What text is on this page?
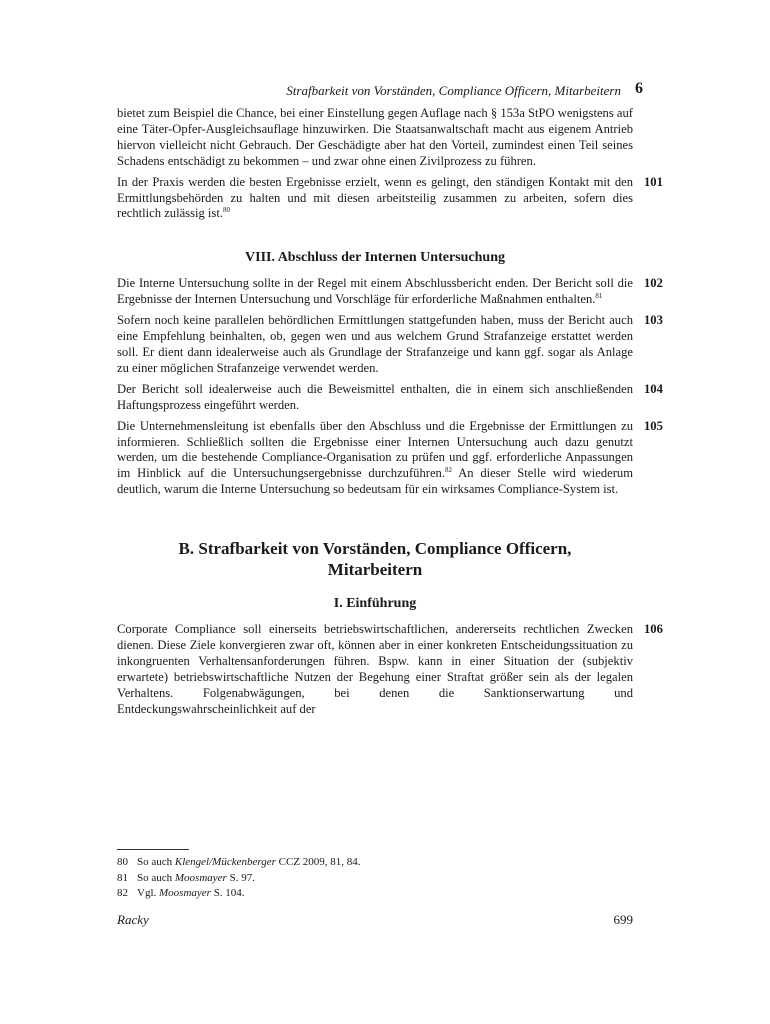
Strafbarkeit von Vorständen, Compliance Officern, Mitarbeitern 6

bietet zum Beispiel die Chance, bei einer Einstellung gegen Auflage nach § 153a StPO wenigstens auf eine Täter-Opfer-Ausgleichsauflage hinzuwirken. Die Staatsanwaltschaft macht aus eigenem Antrieb hiervon vielleicht nicht Gebrauch. Der Geschädigte aber hat den Vorteil, zumindest einen Teil seines Schadens entschädigt zu bekommen – und zwar ohne einen Zivilprozess zu führen.

101
In der Praxis werden die besten Ergebnisse erzielt, wenn es gelingt, den ständigen Kontakt mit den Ermittlungsbehörden zu halten und mit diesen arbeitsteilig zusammen zu arbeiten, sofern dies rechtlich zulässig ist.$^{80}$

VIII. Abschluss der Internen Untersuchung

102
Die Interne Untersuchung sollte in der Regel mit einem Abschlussbericht enden. Der Bericht soll die Ergebnisse der Internen Untersuchung und Vorschläge für erforderliche Maßnahmen enthalten.$^{81}$

103
Sofern noch keine parallelen behördlichen Ermittlungen stattgefunden haben, muss der Bericht auch eine Empfehlung beinhalten, ob, gegen wen und aus welchem Grund Strafanzeige erstattet werden soll. Er dient dann idealerweise auch als Grundlage der Strafanzeige und kann ggf. sogar als Anlage zu einer möglichen Strafanzeige verwendet werden.

104
Der Bericht soll idealerweise auch die Beweismittel enthalten, die in einem sich anschließenden Haftungsprozess eingeführt werden.

105
Die Unternehmensleitung ist ebenfalls über den Abschluss und die Ergebnisse der Ermittlungen zu informieren. Schließlich sollten die Ergebnisse einer Internen Untersuchung auch dazu genutzt werden, um die bestehende Compliance-Organisation zu prüfen und ggf. erforderliche Anpassungen im Hinblick auf die Untersuchungsergebnisse durchzuführen.$^{82}$ An dieser Stelle wird wiederum deutlich, warum die Interne Untersuchung so bedeutsam für ein wirksames Compliance-System ist.

B. Strafbarkeit von Vorständen, Compliance Officern,
Mitarbeitern
I. Einführung

106
Corporate Compliance soll einerseits betriebswirtschaftlichen, andererseits rechtlichen Zwecken dienen. Diese Ziele konvergieren zwar oft, können aber in einer konkreten Entscheidungssituation zu inkongruenten Verhaltensanforderungen führen. Bspw. kann in einer Situation der (subjektiv erwartete) betriebswirtschaftliche Nutzen der Begehung einer Straftat größer sein als der legalen Verhaltens. Folgenabwägungen, bei denen die Sanktionserwartung und Entdeckungswahrscheinlichkeit auf der

80 So auch Klengel/Mückenberger CCZ 2009, 81, 84.
81 So auch Moosmayer S. 97.
82 Vgl. Moosmayer S. 104.
Racky	699
